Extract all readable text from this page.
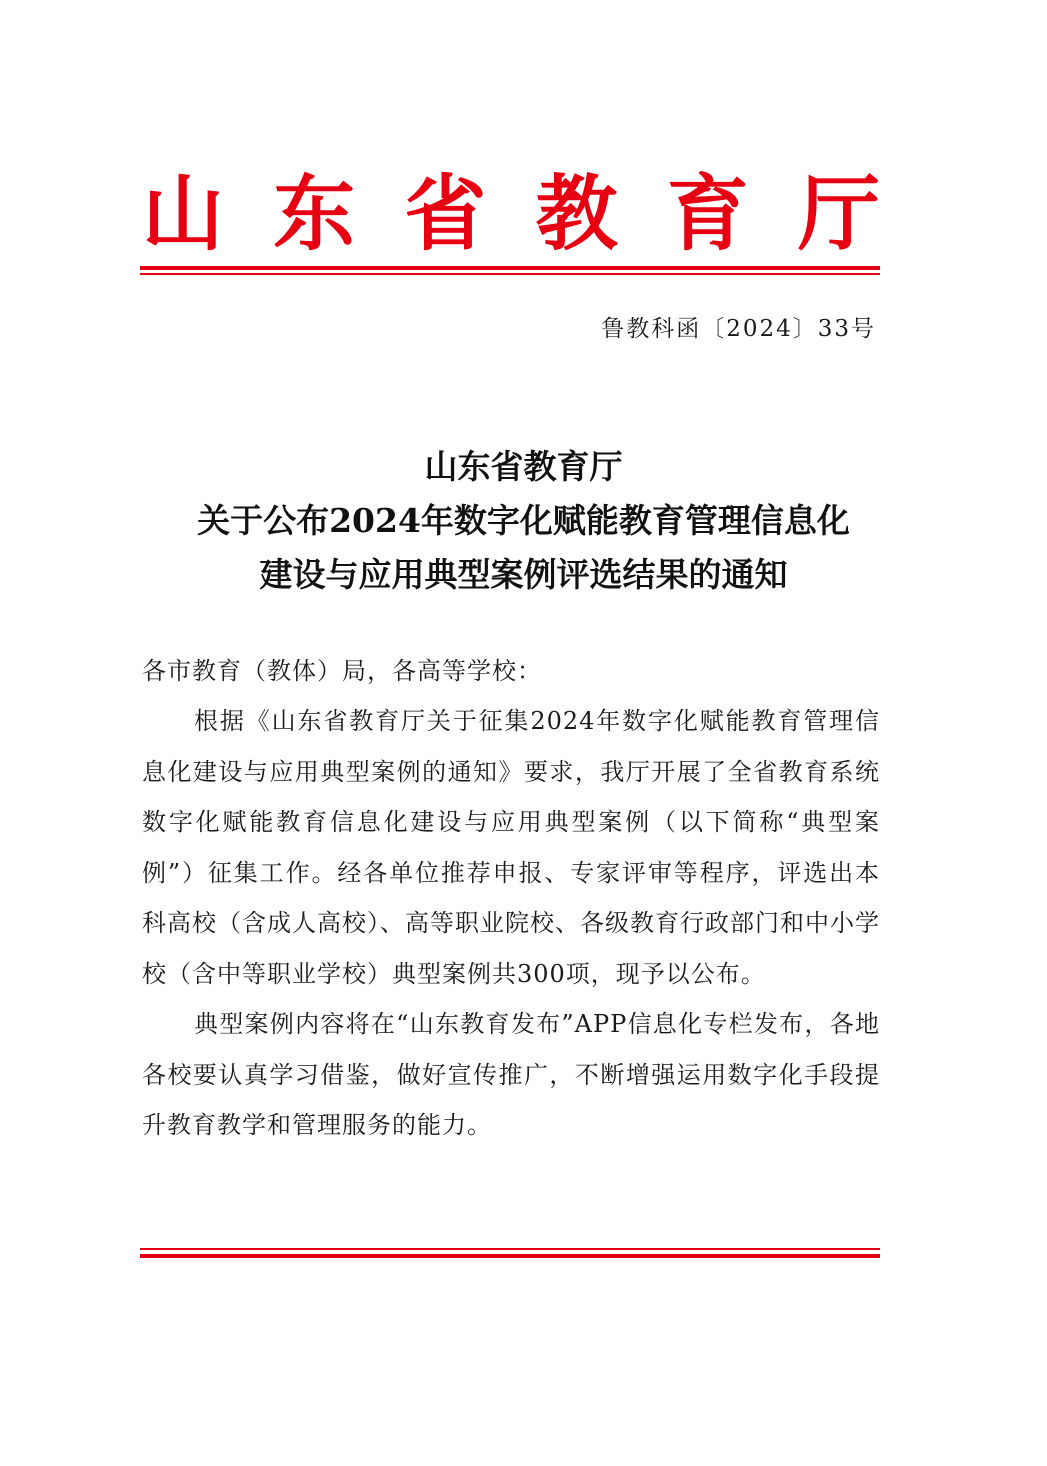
山 东 省 教 育 厅
鲁教科函〔2024〕33号
山东省教育厅
关于公布2024年数字化赋能教育管理信息化
建设与应用典型案例评选结果的通知
各市教育（教体）局，各高等学校：

根据《山东省教育厅关于征集2024年数字化赋能教育管理信息化建设与应用典型案例的通知》要求，我厅开展了全省教育系统数字化赋能教育信息化建设与应用典型案例（以下简称“典型案例”）征集工作。经各单位推荐申报、专家评审等程序，评选出本科高校（含成人高校）、高等职业院校、各级教育行政部门和中小学校（含中等职业学校）典型案例共300项，现予以公布。

典型案例内容将在“山东教育发布”APP信息化专栏发布，各地各校要认真学习借鉴，做好宣传推广，不断增强运用数字化手段提升教育教学和管理服务的能力。
